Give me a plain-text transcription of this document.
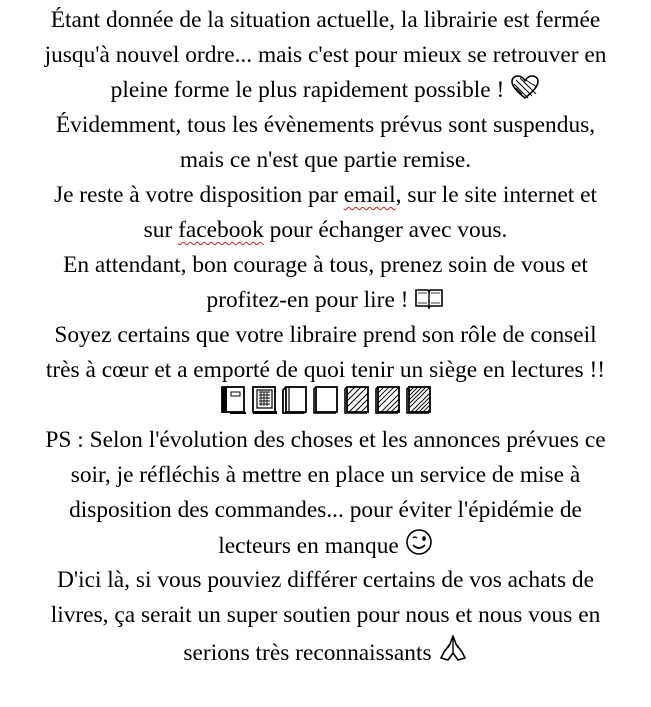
Étant donnée de la situation actuelle, la librairie est fermée
jusqu'à nouvel ordre... mais c'est pour mieux se retrouver en
pleine forme le plus rapidement possible !
Évidemment, tous les évènements prévus sont suspendus,
mais ce n'est que partie remise.
Je reste à votre disposition par email, sur le site internet et
sur facebook pour échanger avec vous.
En attendant, bon courage à tous, prenez soin de vous et
profitez-en pour lire !
Soyez certains que votre libraire prend son rôle de conseil
très à cœur et a emporté de quoi tenir un siège en lectures !!
PS : Selon l'évolution des choses et les annonces prévues ce
soir, je réfléchis à mettre en place un service de mise à
disposition des commandes... pour éviter l'épidémie de
lecteurs en manque
D'ici là, si vous pouviez différer certains de vos achats de
livres, ça serait un super soutien pour nous et nous vous en
serions très reconnaissants
